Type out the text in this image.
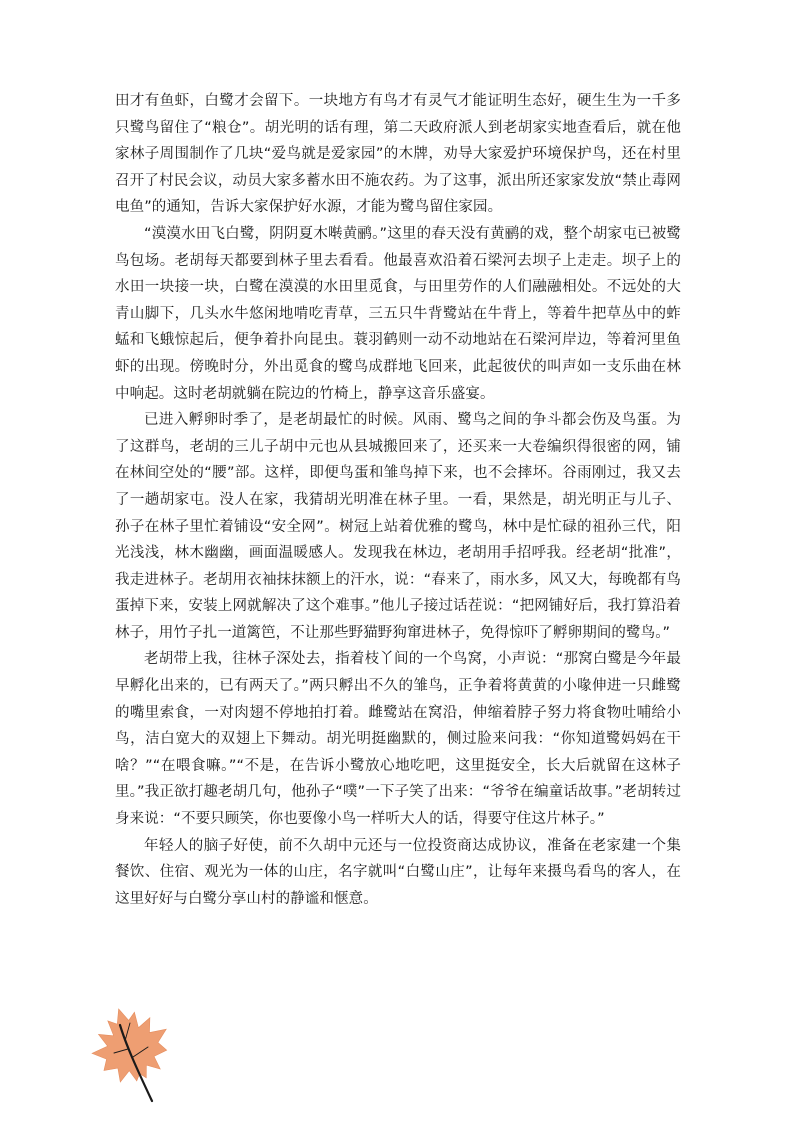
田才有鱼虾，白鹭才会留下。一块地方有鸟才有灵气才能证明生态好，硬生生为一千多只鹭鸟留住了“粮仓”。胡光明的话有理，第二天政府派人到老胡家实地查看后，就在他家林子周围制作了几块“爱鸟就是爱家园”的木牌，劝导大家爱护环境保护鸟，还在村里召开了村民会议，动员大家多蓄水田不施农药。为了这事，派出所还家家发放“禁止毒网电鱼”的通知，告诉大家保护好水源，才能为鹭鸟留住家园。

“漠漠水田飞白鹭，阴阴夏木啭黄鹂。”这里的春天没有黄鹂的戏，整个胡家屯已被鹭鸟包场。老胡每天都要到林子里去看看。他最喜欢沿着石梁河去坝子上走走。坝子上的水田一块接一块，白鹭在漠漠的水田里觅食，与田里劳作的人们融融相处。不远处的大青山脚下，几头水牛悠闲地啃吃青草，三五只牛背鹭站在牛背上，等着牛把草丛中的蚱蜢和飞蛾惊起后，便争着扑向昆虫。蓑羽鹤则一动不动地站在石梁河岸边，等着河里鱼虾的出现。傍晚时分，外出觅食的鹭鸟成群地飞回来，此起彼伏的叫声如一支乐曲在林中响起。这时老胡就躺在院边的竹椅上，静享这音乐盛宴。

已进入孵卵时季了，是老胡最忙的时候。风雨、鹭鸟之间的争斗都会伤及鸟蛋。为了这群鸟，老胡的三儿子胡中元也从县城搬回来了，还买来一大卷编织得很密的网，铺在林间空处的“腰”部。这样，即便鸟蛋和雏鸟掉下来，也不会摔坏。谷雨刚过，我又去了一趟胡家屯。没人在家，我猜胡光明准在林子里。一看，果然是，胡光明正与儿子、孙子在林子里忙着铺设“安全网”。树冠上站着优雅的鹭鸟，林中是忙碌的祖孙三代，阳光浅浅，林木幽幽，画面温暖感人。发现我在林边，老胡用手招呼我。经老胡“批准”，我走进林子。老胡用衣袖抹抹额上的汗水，说：“春来了，雨水多，风又大，每晚都有鸟蛋掉下来，安装上网就解决了这个难事。”他儿子接过话茬说：“把网铺好后，我打算沿着林子，用竹子扎一道篱笆，不让那些野猫野狗窜进林子，免得惊吓了孵卵期间的鹭鸟。”

老胡带上我，往林子深处去，指着枝丫间的一个鸟窝，小声说：“那窝白鹭是今年最早孵化出来的，已有两天了。”两只孵出不久的雏鸟，正争着将黄黄的小喙伸进一只雌鹭的嘴里索食，一对肉翅不停地拍打着。雌鹭站在窝沿，伸缩着脖子努力将食物吐哺给小鸟，洁白宽大的双翅上下舞动。胡光明挺幽默的，侧过脸来问我：“你知道鹭妈妈在干啥？”“在喂食嘛。”“不是，在告诉小鹭放心地吃吧，这里挺安全，长大后就留在这林子里。”我正欲打趣老胡几句，他孙子“噗”一下子笑了出来：“爷爷在编童话故事。”老胡转过身来说：“不要只顾笑，你也要像小鸟一样听大人的话，得要守住这片林子。”

年轻人的脑子好使，前不久胡中元还与一位投资商达成协议，准备在老家建一个集餐饮、住宿、观光为一体的山庄，名字就叫“白鹭山庄”，让每年来摄鸟看鸟的客人，在这里好好与白鹭分享山村的静谧和惬意。
